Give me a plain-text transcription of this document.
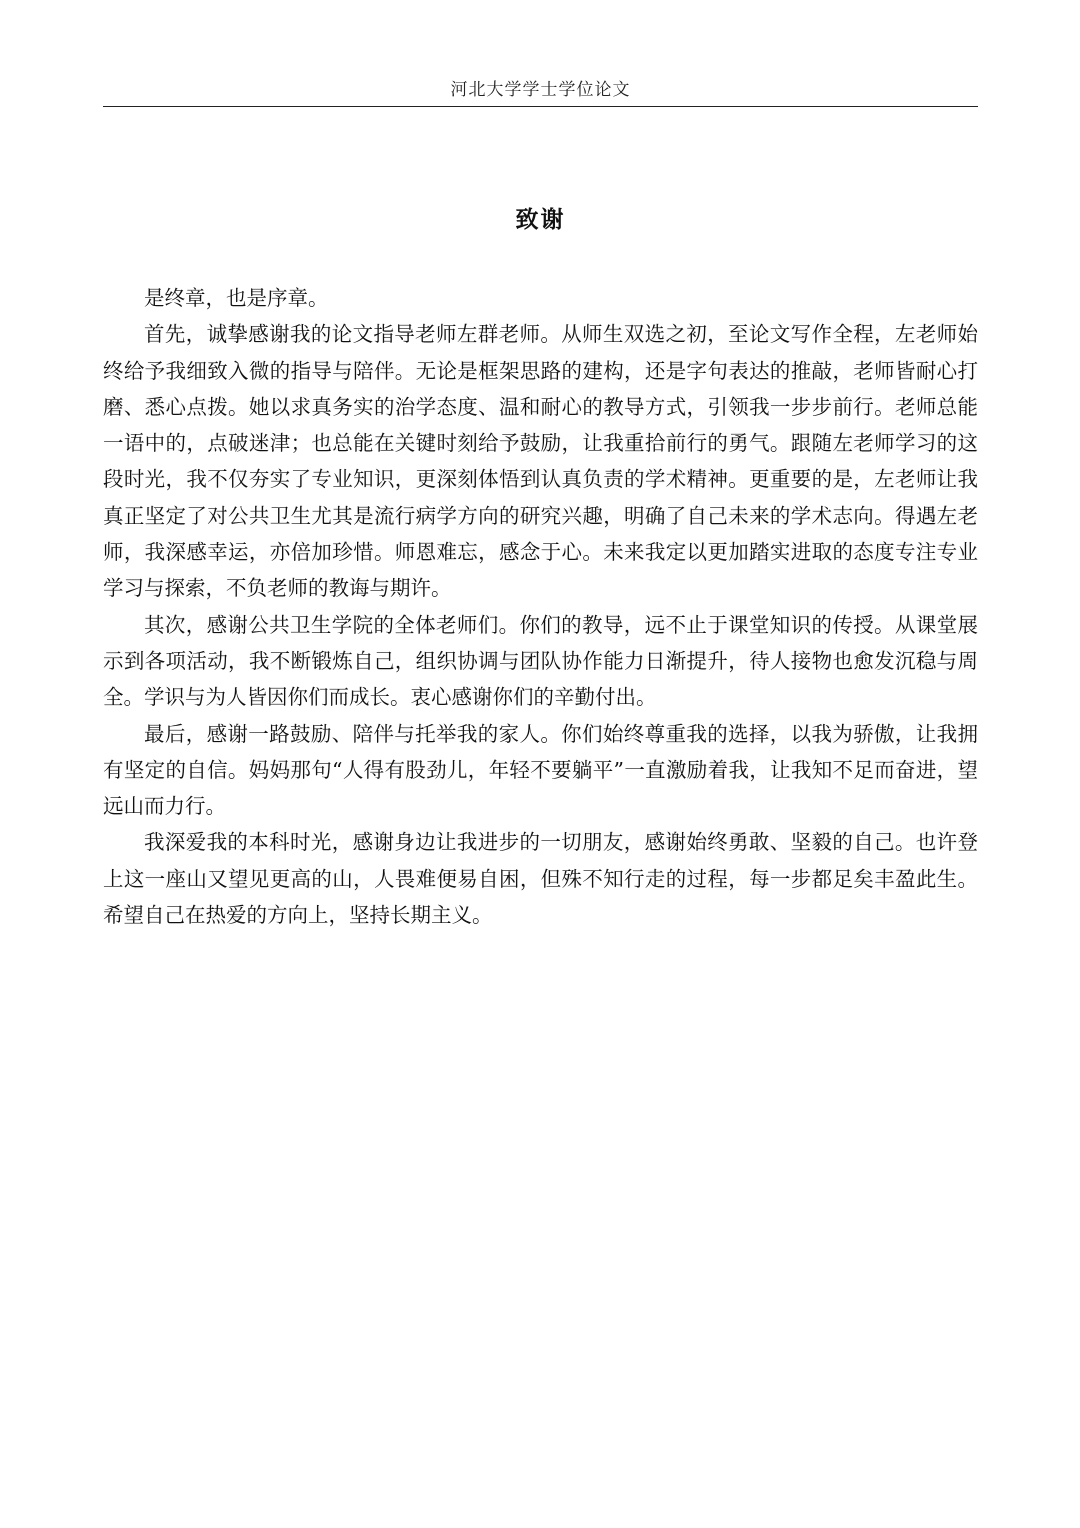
河北大学学士学位论文
致谢

是终章，也是序章。

首先，诚挚感谢我的论文指导老师左群老师。从师生双选之初，至论文写作全程，左老师始终给予我细致入微的指导与陪伴。无论是框架思路的建构，还是字句表达的推敲，老师皆耐心打磨、悉心点拨。她以求真务实的治学态度、温和耐心的教导方式，引领我一步步前行。老师总能一语中的，点破迷津；也总能在关键时刻给予鼓励，让我重拾前行的勇气。跟随左老师学习的这段时光，我不仅夯实了专业知识，更深刻体悟到认真负责的学术精神。更重要的是，左老师让我真正坚定了对公共卫生尤其是流行病学方向的研究兴趣，明确了自己未来的学术志向。得遇左老师，我深感幸运，亦倍加珍惜。师恩难忘，感念于心。未来我定以更加踏实进取的态度专注专业学习与探索，不负老师的教诲与期许。

其次，感谢公共卫生学院的全体老师们。你们的教导，远不止于课堂知识的传授。从课堂展示到各项活动，我不断锻炼自己，组织协调与团队协作能力日渐提升，待人接物也愈发沉稳与周全。学识与为人皆因你们而成长。衷心感谢你们的辛勤付出。

最后，感谢一路鼓励、陪伴与托举我的家人。你们始终尊重我的选择，以我为骄傲，让我拥有坚定的自信。妈妈那句“人得有股劲儿，年轻不要躺平”一直激励着我，让我知不足而奋进，望远山而力行。

我深爱我的本科时光，感谢身边让我进步的一切朋友，感谢始终勇敢、坚毅的自己。也许登上这一座山又望见更高的山，人畏难便易自困，但殊不知行走的过程，每一步都足矣丰盈此生。希望自己在热爱的方向上，坚持长期主义。
